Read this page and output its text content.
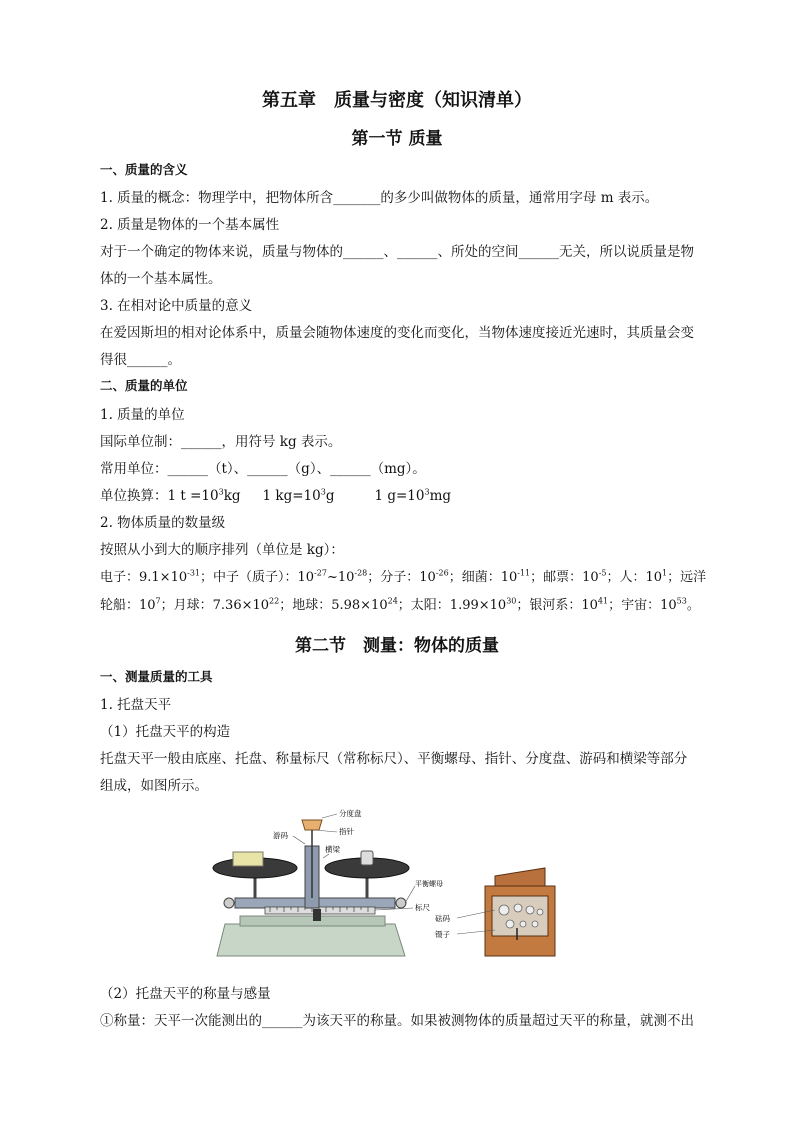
第五章　质量与密度（知识清单）
第一节 质量
一、质量的含义
1. 质量的概念：物理学中，把物体所含_______的多少叫做物体的质量，通常用字母 m 表示。
2. 质量是物体的一个基本属性
对于一个确定的物体来说，质量与物体的______、______、所处的空间______无关，所以说质量是物
体的一个基本属性。
3. 在相对论中质量的意义
在爱因斯坦的相对论体系中，质量会随物体速度的变化而变化，当物体速度接近光速时，其质量会变
得很______。
二、质量的单位
1. 质量的单位
国际单位制：______，用符号 kg 表示。
常用单位：______（t）、______（g）、______（mg）。
单位换算：1 $t =10^3kg$ 1 $kg=10^3g$	1 $g=10^3mg$
2. 物体质量的数量级
按照从小到大的顺序排列（单位是 kg）：
电子：$9.1\times 10^{-31}$；中子（质子）：$10^{-27}\sim 10^{-28}$；分子：$10^{-26}$；细菌：$10^{-11}$；邮票：$10^{-5}$；人：$10^1$；远洋
轮船：$10^7$；月球：$7.36\times 10^{22}$；地球：$5.98\times 10^{24}$；太阳：$1.99\times 10^{30}$；银河系：$10^{41}$；宇宙：$10^{53}$。
第二节　测量：物体的质量
一、测量质量的工具
1. 托盘天平
（1）托盘天平的构造
托盘天平一般由底座、托盘、称量标尺（常称标尺）、平衡螺母、指针、分度盘、游码和横梁等部分
组成，如图所示。
分度盘
游码	指针
横梁
平衡螺母
标尺
砝码
镊子
（2）托盘天平的称量与感量
①称量：天平一次能测出的______为该天平的称量。如果被测物体的质量超过天平的称量，就测不出
